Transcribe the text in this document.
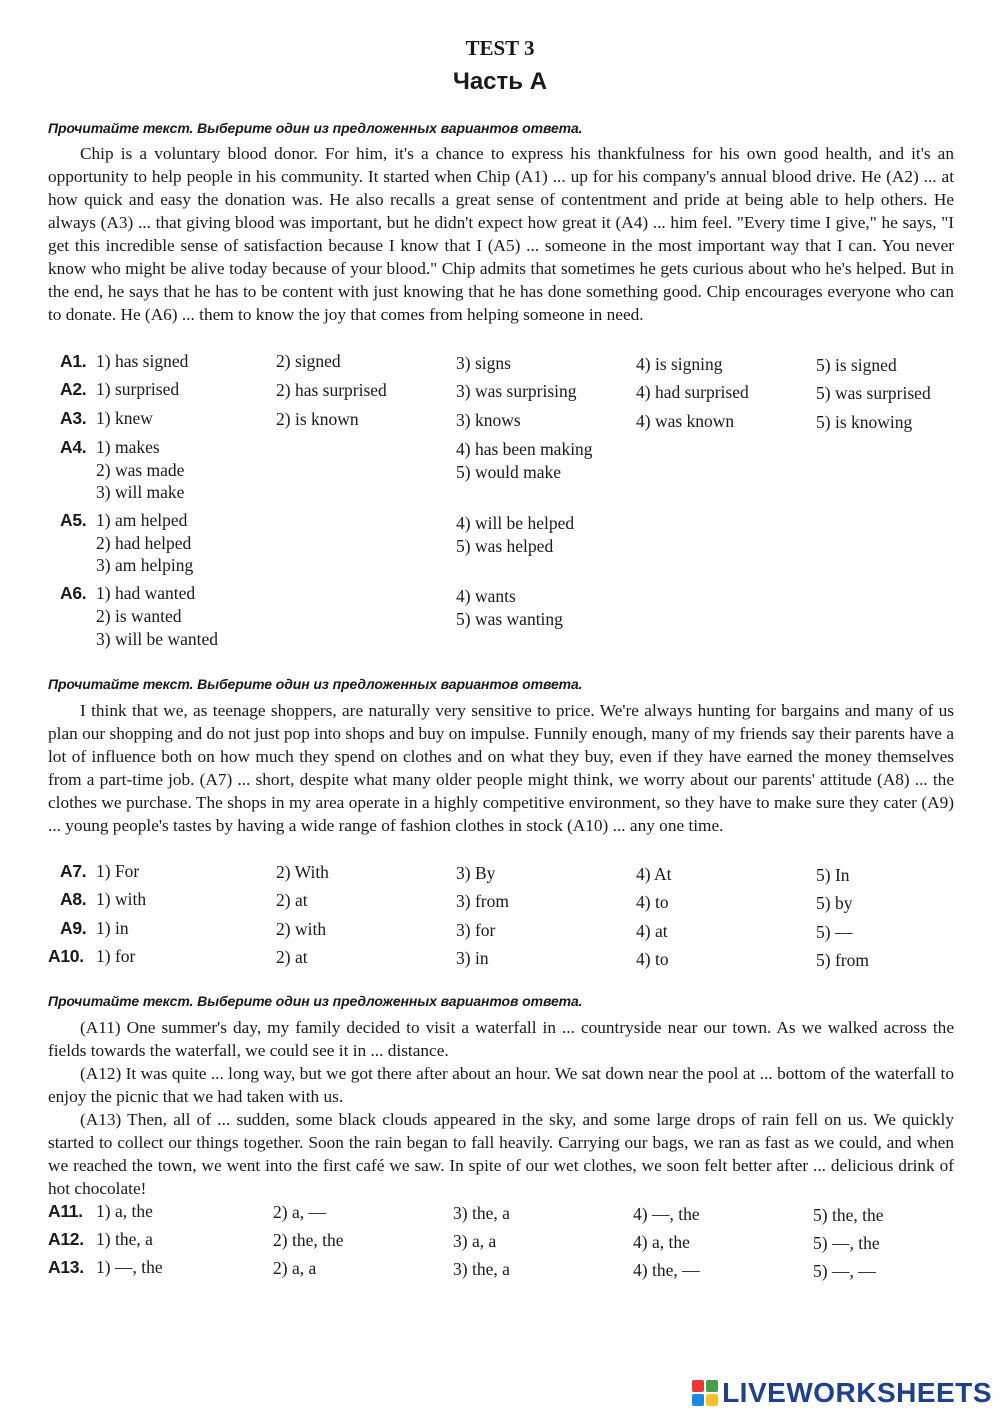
TEST 3
Часть А
Прочитайте текст. Выберите один из предложенных вариантов ответа.

Chip is a voluntary blood donor. For him, it's a chance to express his thankfulness for his own good health, and it's an opportunity to help people in his community. It started when Chip (A1) ... up for his company's annual blood drive. He (A2) ... at how quick and easy the donation was. He also recalls a great sense of contentment and pride at being able to help others. He always (A3) ... that giving blood was important, but he didn't expect how great it (A4) ... him feel. "Every time I give," he says, "I get this incredible sense of satisfaction because I know that I (A5) ... someone in the most important way that I can. You never know who might be alive today because of your blood." Chip admits that sometimes he gets curious about who he's helped. But in the end, he says that he has to be content with just knowing that he has done something good. Chip encourages everyone who can to donate. He (A6) ... them to know the joy that comes from helping someone in need.

A1. 1) has signed	2) signed	3) signs	4) is signing	5) is signed
A2. 1) surprised	2) has surprised	3) was surprising	4) had surprised	5) was surprised
A3. 1) knew	2) is known	3) knows	4) was known	5) is knowing
A4. 1) makes
2) was made
3) will make
4) has been making
5) would make
A5. 1) am helped
2) had helped
3) am helping
4) will be helped
5) was helped
A6. 1) had wanted
2) is wanted
3) will be wanted
4) wants
5) was wanting
Прочитайте текст. Выберите один из предложенных вариантов ответа.

I think that we, as teenage shoppers, are naturally very sensitive to price. We're always hunting for bargains and many of us plan our shopping and do not just pop into shops and buy on impulse. Funnily enough, many of my friends say their parents have a lot of influence both on how much they spend on clothes and on what they buy, even if they have earned the money themselves from a part-time job. (A7) ... short, despite what many older people might think, we worry about our parents' attitude (A8) ... the clothes we purchase. The shops in my area operate in a highly competitive environment, so they have to make sure they cater (A9) ... young people's tastes by having a wide range of fashion clothes in stock (A10) ... any one time.

A7. 1) For	2) With	3) By	4) At	5) In
A8. 1) with	2) at	3) from	4) to	5) by
A9. 1) in	2) with	3) for	4) at	5) —
A10. 1) for	2) at	3) in	4) to	5) from
Прочитайте текст. Выберите один из предложенных вариантов ответа.

(A11) One summer's day, my family decided to visit a waterfall in ... countryside near our town. As we walked across the fields towards the waterfall, we could see it in ... distance.

(A12) It was quite ... long way, but we got there after about an hour. We sat down near the pool at ... bottom of the waterfall to enjoy the picnic that we had taken with us.

(A13) Then, all of ... sudden, some black clouds appeared in the sky, and some large drops of rain fell on us. We quickly started to collect our things together. Soon the rain began to fall heavily. Carrying our bags, we ran as fast as we could, and when we reached the town, we went into the first café we saw. In spite of our wet clothes, we soon felt better after ... delicious drink of hot chocolate!

A11. 1) a, the	2) a, —	3) the, a	4) —, the	5) the, the
A12. 1) the, a	2) the, the	3) a, a	4) a, the	5) —, the
A13. 1) —, the	2) a, a	3) the, a	4) the, —	5) —, —
LIVEWORKSHEETS
